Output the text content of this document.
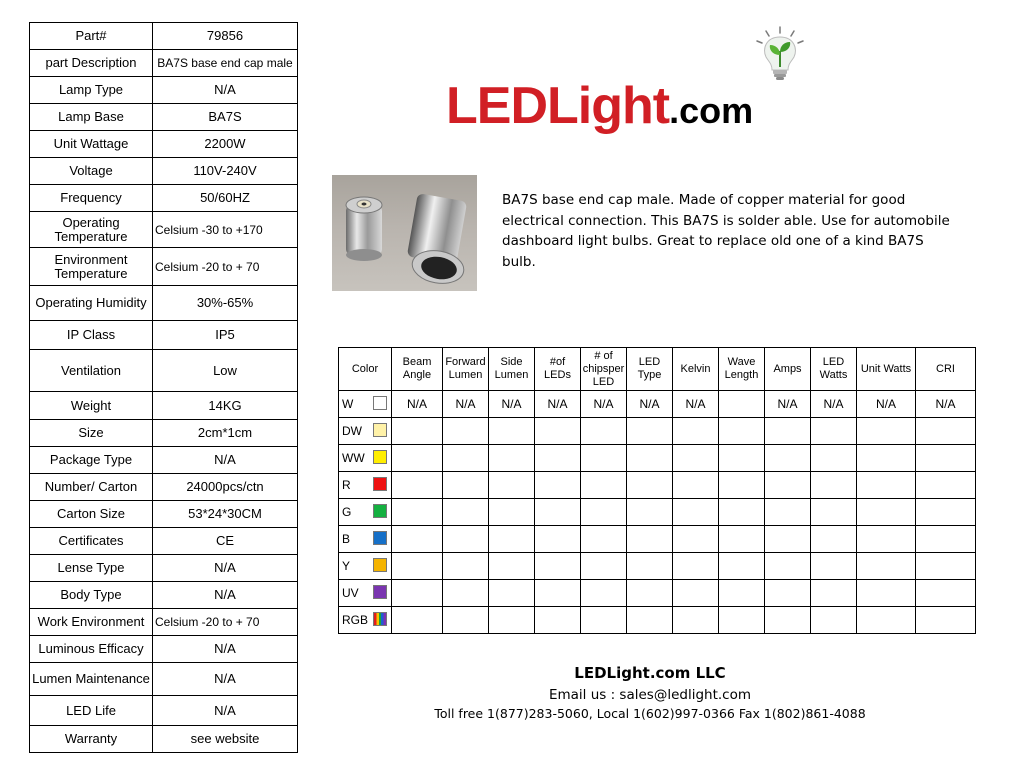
Part#	79856
part Description	BA7S base end cap male
Lamp Type	N/A
Lamp Base	BA7S
Unit Wattage	2200W
Voltage	110V-240V
Frequency	50/60HZ
Operating Temperature	Celsium -30 to +170
Environment Temperature	Celsium -20 to + 70
Operating Humidity	30%-65%
IP Class	IP5
Ventilation	Low
Weight	14KG
Size	2cm*1cm
Package Type	N/A
Number/ Carton	24000pcs/ctn
Carton Size	53*24*30CM
Certificates	CE
Lense Type	N/A
Body Type	N/A
Work Environment	Celsium -20 to + 70
Luminous Efficacy	N/A
Lumen Maintenance	N/A
LED Life	N/A
Warranty	see website
LEDLight.com
BA7S base end cap male. Made of copper material for good electrical connection. This BA7S is solder able. Use for automobile dashboard light bulbs. Great to replace old one of a kind BA7S bulb.
Color	Beam Angle	Forward Lumen	Side Lumen	#of LEDs	# of chipsper LED	LED Type	Kelvin	Wave Length	Amps	LED Watts	Unit Watts	CRI
W	N/A	N/A	N/A	N/A	N/A	N/A	N/A		N/A	N/A	N/A	N/A
DW

WW

R

G

B

Y

UV

RGB

LEDLight.com LLC
Email us : sales@ledlight.com
Toll free 1(877)283-5060, Local 1(602)997-0366 Fax 1(802)861-4088
